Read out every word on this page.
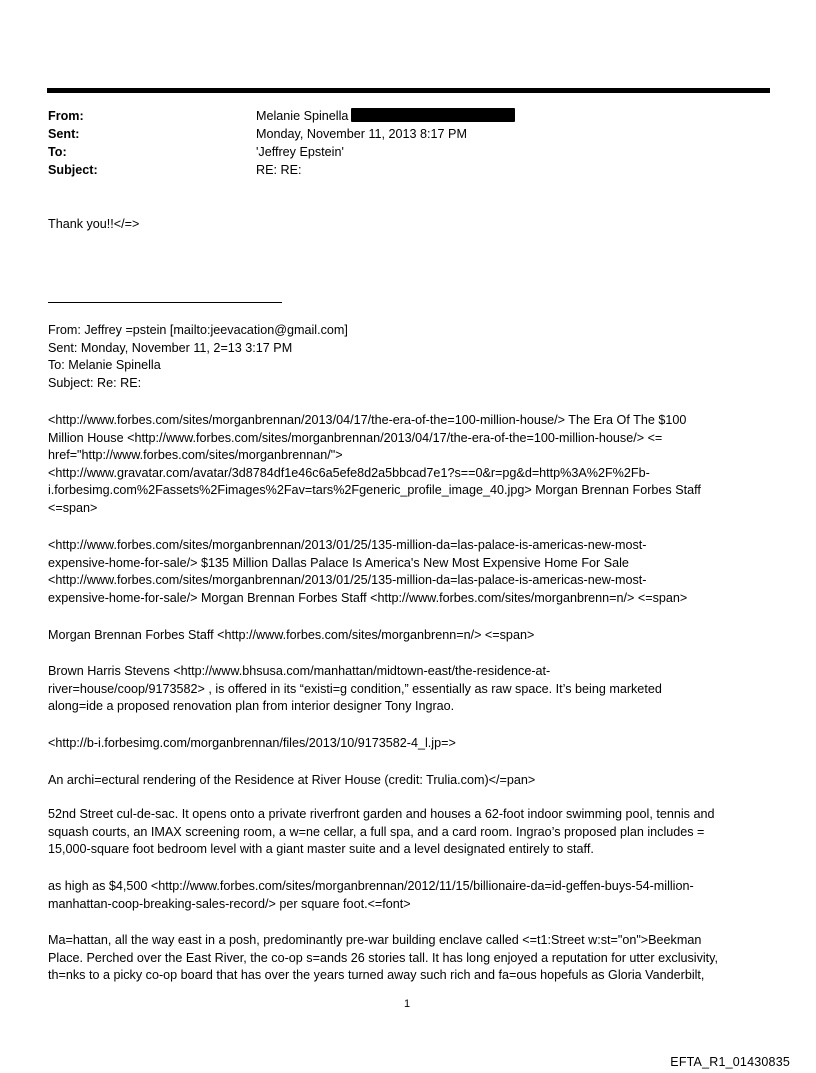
From:	Melanie Spinella
Sent:	Monday, November 11, 2013 8:17 PM
To:	'Jeffrey Epstein'
Subject:	RE: RE:
Thank you!!</=>

From: Jeffrey =pstein [mailto:jeevacation@gmail.com]

Sent: Monday, November 11, 2=13 3:17 PM

To: Melanie Spinella

Subject: Re: RE:

<http://www.forbes.com/sites/morganbrennan/2013/04/17/the-era-of-the=100-million-house/> The Era Of The $100

Million House <http://www.forbes.com/sites/morganbrennan/2013/04/17/the-era-of-the=100-million-house/> <=

href="http://www.forbes.com/sites/morganbrennan/">

<http://www.gravatar.com/avatar/3d8784df1e46c6a5efe8d2a5bbcad7e1?s==0&r=pg&d=http%3A%2F%2Fb-

i.forbesimg.com%2Fassets%2Fimages%2Fav=tars%2Fgeneric_profile_image_40.jpg> Morgan Brennan Forbes Staff

<=span>

<http://www.forbes.com/sites/morganbrennan/2013/01/25/135-million-da=las-palace-is-americas-new-most-

expensive-home-for-sale/> $135 Million Dallas Palace Is America's New Most Expensive Home For Sale

<http://www.forbes.com/sites/morganbrennan/2013/01/25/135-million-da=las-palace-is-americas-new-most-

expensive-home-for-sale/> Morgan Brennan Forbes Staff <http://www.forbes.com/sites/morganbrenn=n/> <=span>

Morgan Brennan Forbes Staff <http://www.forbes.com/sites/morganbrenn=n/> <=span>

Brown Harris Stevens <http://www.bhsusa.com/manhattan/midtown-east/the-residence-at-

river=house/coop/9173582> , is offered in its “existi=g condition,” essentially as raw space. It’s being marketed

along=ide a proposed renovation plan from interior designer Tony Ingrao.

<http://b-i.forbesimg.com/morganbrennan/files/2013/10/9173582-4_l.jp=>

An archi=ectural rendering of the Residence at River House (credit: Trulia.com)</=pan>

52nd Street cul-de-sac. It opens onto a private riverfront garden and houses a 62-foot indoor swimming pool, tennis and

squash courts, an IMAX screening room, a w=ne cellar, a full spa, and a card room. Ingrao’s proposed plan includes =

15,000-square foot bedroom level with a giant master suite and a level designated entirely to staff.

as high as $4,500 <http://www.forbes.com/sites/morganbrennan/2012/11/15/billionaire-da=id-geffen-buys-54-million-

manhattan-coop-breaking-sales-record/> per square foot.<=font>

Ma=hattan, all the way east in a posh, predominantly pre-war building enclave called <=t1:Street w:st="on">Beekman

Place. Perched over the East River, the co-op s=ands 26 stories tall. It has long enjoyed a reputation for utter exclusivity,

th=nks to a picky co-op board that has over the years turned away such rich and fa=ous hopefuls as Gloria Vanderbilt,

1
EFTA_R1_01430835
